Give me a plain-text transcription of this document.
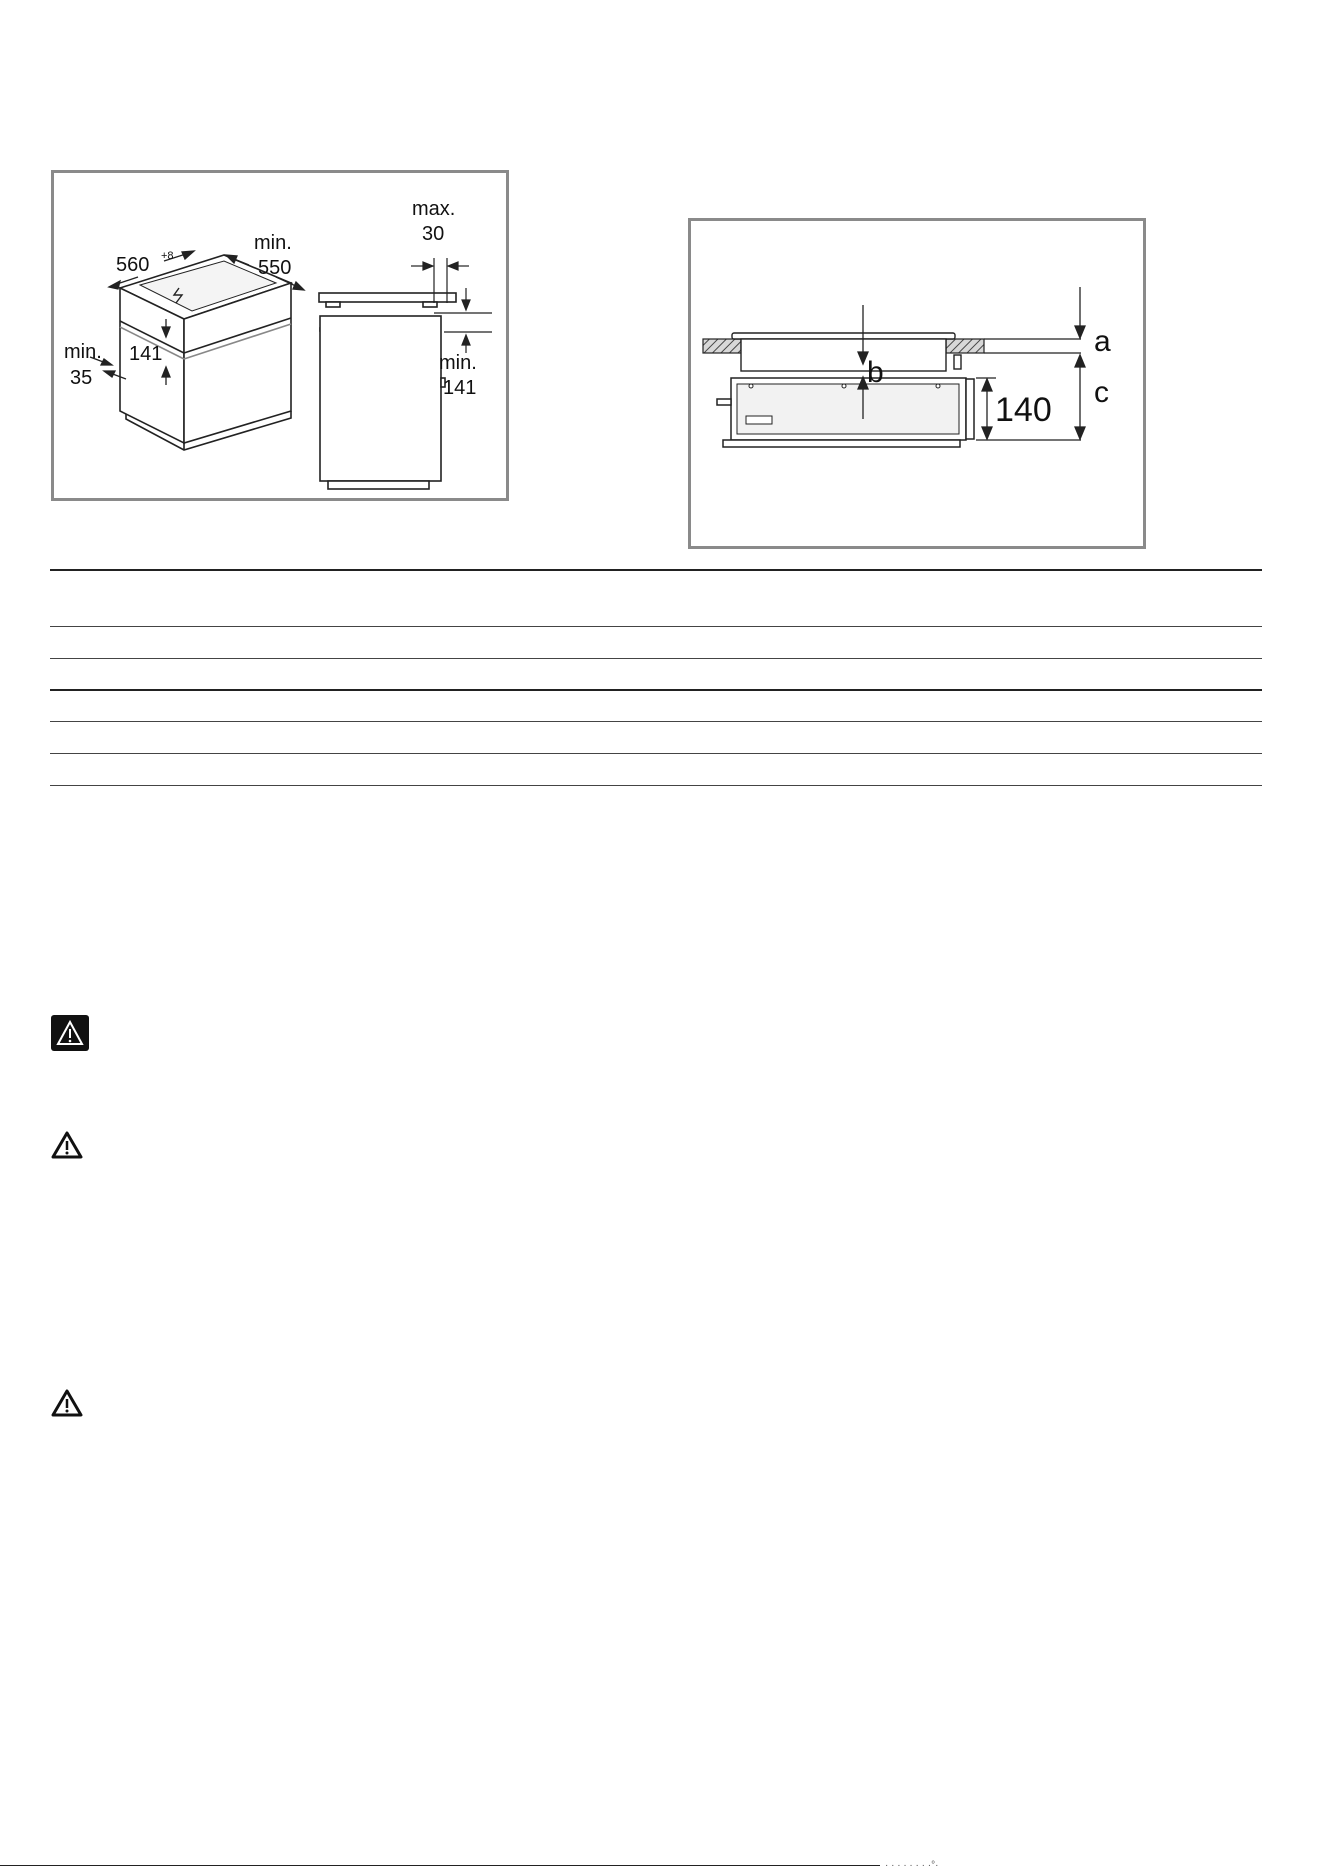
560 +8
min.
550
min.
35
141
max.
30
min.
141	b
140
a
c
· · · · · · · ·°·
